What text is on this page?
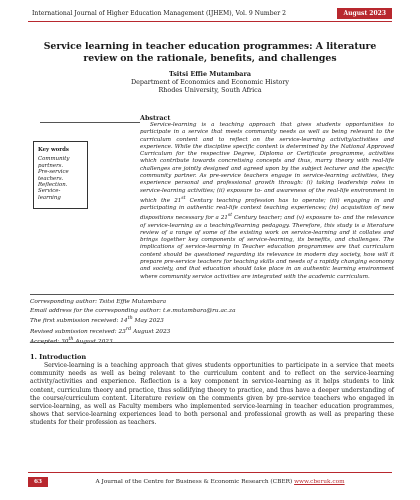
International Journal of Higher Education Management (IJHEM), Vol. 9 Number 2	August 2023
Service learning in teacher education programmes: A literature review on the rationale, benefits, and challenges
Tsitsi Effie Mutambara
Department of Economics and Economic History
Rhodes University, South Africa
Abstract
Service-learning is a teaching approach that gives students opportunities to participate in a service that meets community needs as well as being relevant to the curriculum content and to reflect on the service-learning activity/activities and experience. While the discipline specific content is determined by the National Approved Curriculum for the respective Degree, Diploma or Certificate programme, activities which contribute towards concretising concepts and thus, marry theory with real-life challenges are jointly designed and agreed upon by the subject lecturer and the specific community partner. As pre-service teachers engage in service-learning activities, they experience personal and professional growth through: (i) taking leadership roles in service-learning activities; (ii) exposure to- and awareness of the real-life environment in which the 21st Century teaching profession has to operate; (iii) engaging in and participating in authentic real-life context teaching experiences; (iv) acquisition of new dispositions necessary for a 21st Century teacher; and (v) exposure to- and the relevance of service-learning as a teaching/learning pedagogy. Therefore, this study is a literature review of a range of some of the existing work on service-learning and it collates and brings together key components of service-learning, its benefits, and challenges. The implications of service-learning in Teacher education programmes are that curriculum content should be questioned regarding its relevance in modern day society, how will it prepare pre-service teachers for teaching skills and needs of a rapidly changing economy and society, and that education should take place in an authentic learning environment where community service activities are integrated with the academic curriculum.
Key words
Community partners.
Pre-service teachers.
Reflection.
Service-learning
Corresponding author: Tsitsi Effie Mutambara
Email address for the corresponding author: t.e.mutambara@ru.ac.za
The first submission received: 14th May 2023
Revised submission received: 23rd August 2023
Accepted: 30th August 2023
1. Introduction
Service-learning is a teaching approach that gives students opportunities to participate in a service that meets community needs as well as being relevant to the curriculum content and to reflect on the service-learning activity/activities and experience. Reflection is a key component in service-learning as it helps students to link content, curriculum theory and practice, thus solidifying theory to practice, and thus have a deeper understanding of the course/curriculum content. Literature review on the comments given by pre-service teachers who engaged in service-learning, as well as Faculty members who implemented service-learning in teacher education programmes, shows that service-learning experiences lead to both personal and professional growth as well as preparing these students for their profession as teachers.
63	A Journal of the Centre for Business & Economic Research (CBER) www.cberuk.com
